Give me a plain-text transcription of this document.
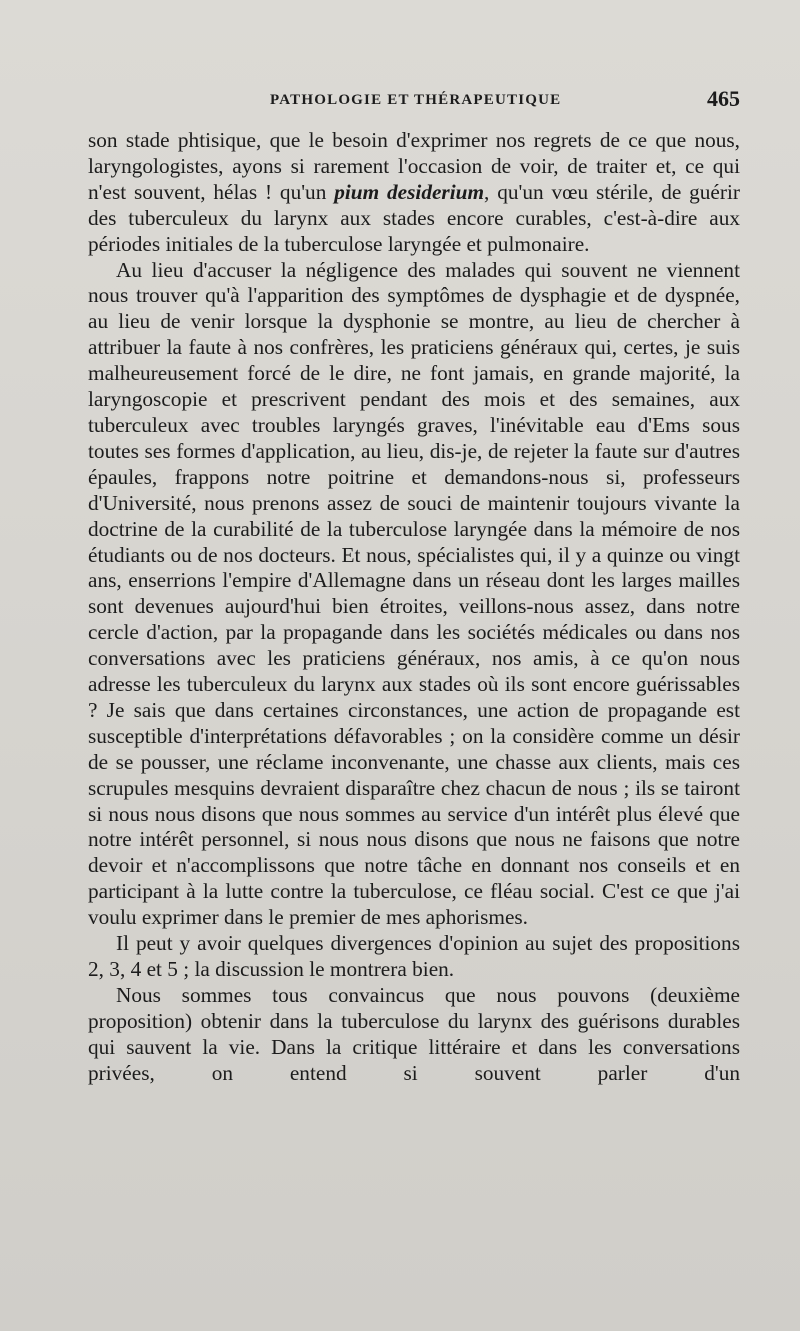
PATHOLOGIE ET THÉRAPEUTIQUE	465

son stade phtisique, que le besoin d'exprimer nos regrets de ce que nous, laryngologistes, ayons si rarement l'occasion de voir, de traiter et, ce qui n'est souvent, hélas ! qu'un pium desiderium, qu'un vœu stérile, de guérir des tuberculeux du larynx aux stades encore curables, c'est-à-dire aux périodes initiales de la tuberculose laryngée et pulmonaire.

Au lieu d'accuser la négligence des malades qui souvent ne viennent nous trouver qu'à l'apparition des symptômes de dysphagie et de dyspnée, au lieu de venir lorsque la dysphonie se montre, au lieu de chercher à attribuer la faute à nos confrères, les praticiens généraux qui, certes, je suis malheureusement forcé de le dire, ne font jamais, en grande majorité, la laryngoscopie et prescrivent pendant des mois et des semaines, aux tuberculeux avec troubles laryngés graves, l'inévitable eau d'Ems sous toutes ses formes d'application, au lieu, dis-je, de rejeter la faute sur d'autres épaules, frappons notre poitrine et demandons-nous si, professeurs d'Université, nous prenons assez de souci de maintenir toujours vivante la doctrine de la curabilité de la tuberculose laryngée dans la mémoire de nos étudiants ou de nos docteurs. Et nous, spécialistes qui, il y a quinze ou vingt ans, enserrions l'empire d'Allemagne dans un réseau dont les larges mailles sont devenues aujourd'hui bien étroites, veillons-nous assez, dans notre cercle d'action, par la propagande dans les sociétés médicales ou dans nos conversations avec les praticiens généraux, nos amis, à ce qu'on nous adresse les tuberculeux du larynx aux stades où ils sont encore guérissables ? Je sais que dans certaines circonstances, une action de propagande est susceptible d'interprétations défavorables ; on la considère comme un désir de se pousser, une réclame inconvenante, une chasse aux clients, mais ces scrupules mesquins devraient disparaître chez chacun de nous ; ils se tairont si nous nous disons que nous sommes au service d'un intérêt plus élevé que notre intérêt personnel, si nous nous disons que nous ne faisons que notre devoir et n'accomplissons que notre tâche en donnant nos conseils et en participant à la lutte contre la tuberculose, ce fléau social. C'est ce que j'ai voulu exprimer dans le premier de mes aphorismes.

Il peut y avoir quelques divergences d'opinion au sujet des propositions 2, 3, 4 et 5 ; la discussion le montrera bien.

Nous sommes tous convaincus que nous pouvons (deuxième proposition) obtenir dans la tuberculose du larynx des guérisons durables qui sauvent la vie. Dans la critique littéraire et dans les conversations privées, on entend si souvent parler d'un
